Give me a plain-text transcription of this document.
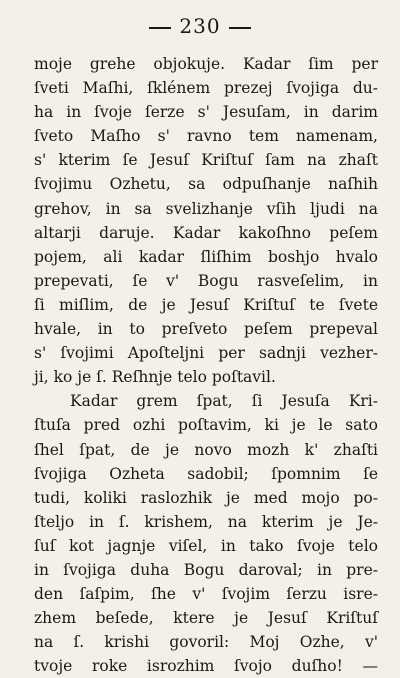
230
moje grehe objokuje. Kadar ſim per
ſveti Maſhi, ſklénem prezej ſvojiga du-
ha in ſvoje ſerze s' Jesuſam, in darim
ſveto Maſho s' ravno tem namenam,
s' kterim ſe Jesuſ Kriſtuſ ſam na zhaſt
ſvojimu Ozhetu, sa odpuſhanje naſhih
grehov, in sa svelizhanje vſih ljudi na
altarji daruje. Kadar kakoſhno peſem
pojem, ali kadar ſliſhim boshjo hvalo
prepevati, ſe v' Bogu rasveſelim, in
ſi miſlim, de je Jesuſ Kriſtuſ te ſvete
hvale, in to preſveto peſem prepeval
s' ſvojimi Apoſteljni per sadnji vezher-
ji, ko je ſ. Reſhnje telo poſtavil.
Kadar grem ſpat, ſi Jesuſa Kri-
ſtuſa pred ozhi poſtavim, ki je le sato
ſhel ſpat, de je novo mozh k' zhaſti
ſvojiga Ozheta sadobil; ſpomnim ſe
tudi, koliki raslozhik je med mojo po-
ſteljo in ſ. krishem, na kterim je Je-
ſuſ kot jagnje viſel, in tako ſvoje telo
in ſvojiga duha Bogu daroval; in pre-
den ſaſpim, ſhe v' ſvojim ſerzu isre-
zhem beſede, ktere je Jesuſ Kriſtuſ
na ſ. krishi govoril: Moj Ozhe, v'
tvoje roke isrozhim ſvojo duſho! —
